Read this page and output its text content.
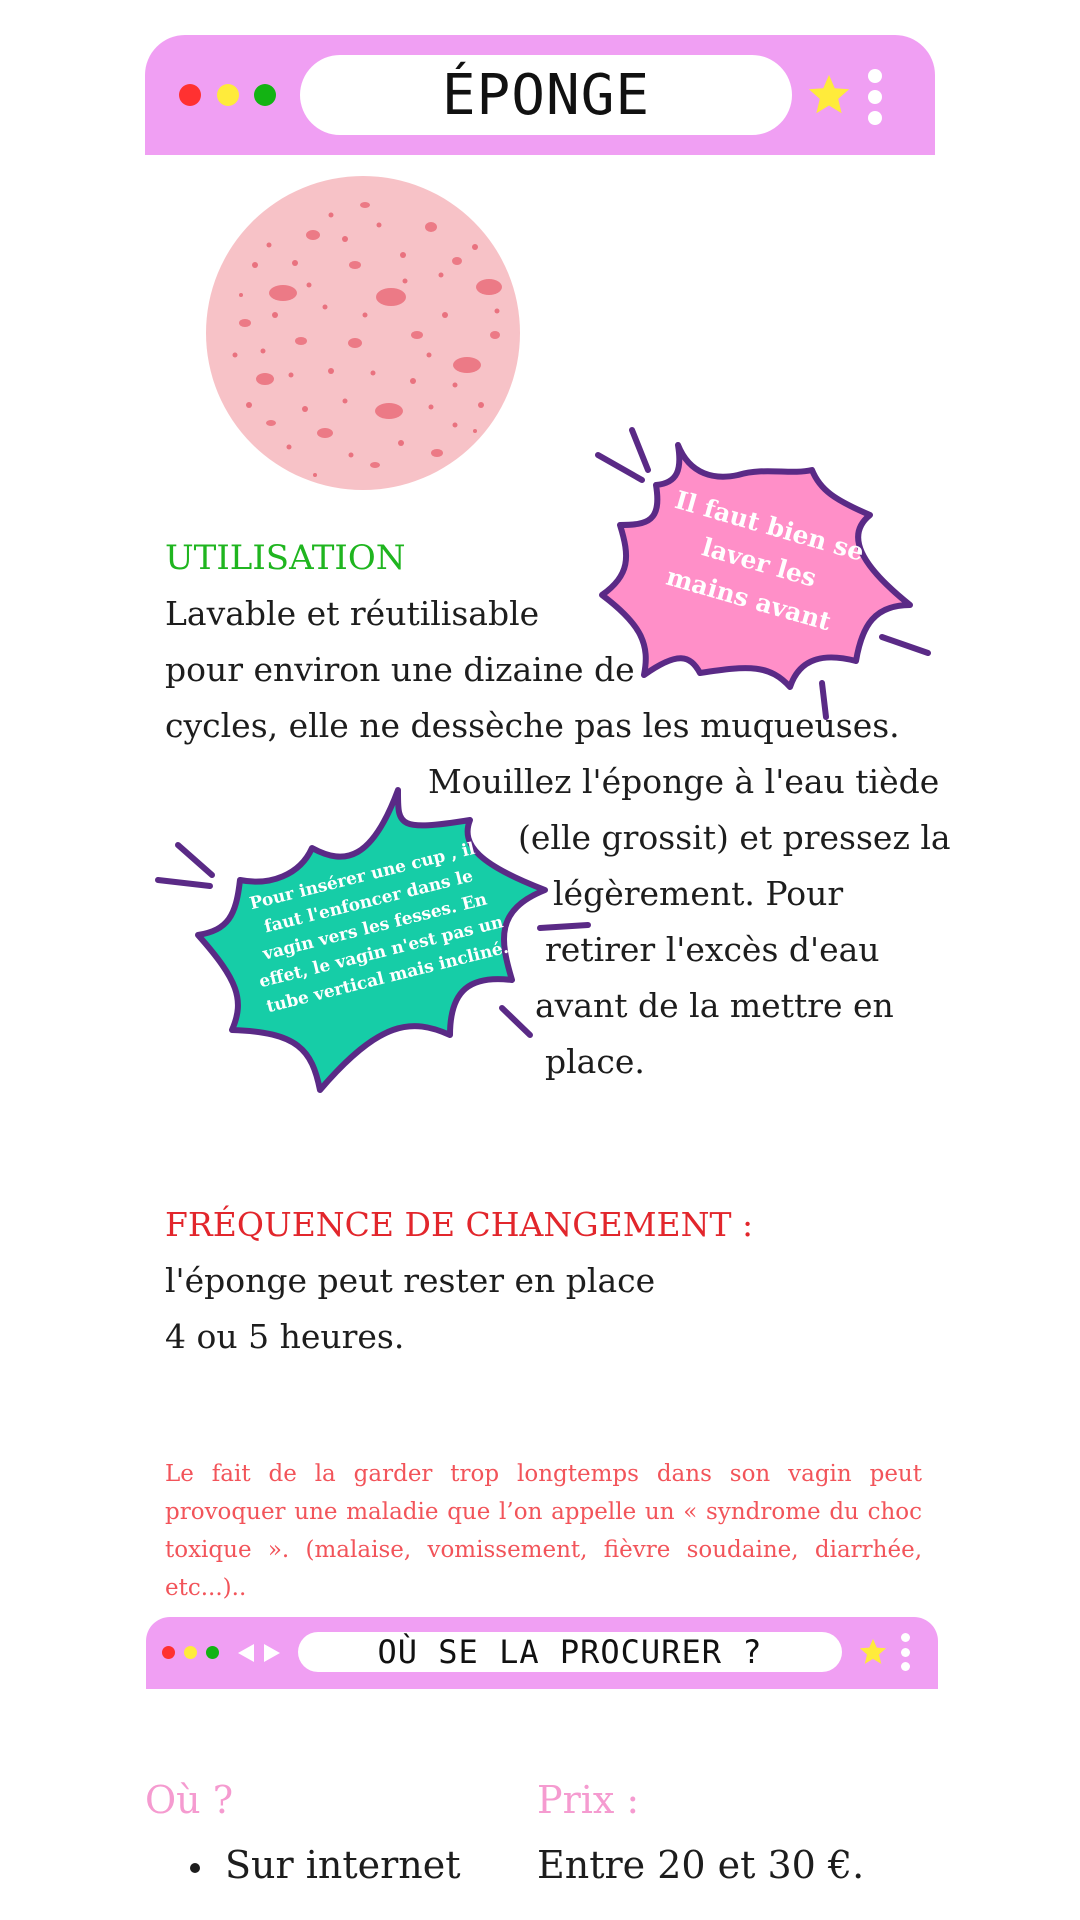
ÉPONGE
Il faut bien se laver les mains avant
UTILISATION
Lavable et réutilisable
pour environ une dizaine de
cycles, elle ne dessèche pas les muqueuses.
Mouillez l'éponge à l'eau tiède
(elle grossit) et pressez la
légèrement. Pour
retirer l'excès d'eau
avant de la mettre en
place.
Pour insérer une cup , il faut l'enfoncer dans le vagin vers les fesses. En effet, le vagin n'est pas un tube vertical mais incliné.
FRÉQUENCE DE CHANGEMENT :
l'éponge peut rester en place
4 ou 5 heures.
Le fait de la garder trop longtemps dans son vagin peut provoquer une maladie que l’on appelle un « syndrome du choc toxique ». (malaise, vomissement, fièvre soudaine, diarrhée, etc...)..
OÙ SE LA PROCURER ?
Où ?
Sur internet
Prix :
Entre 20 et 30 €.
